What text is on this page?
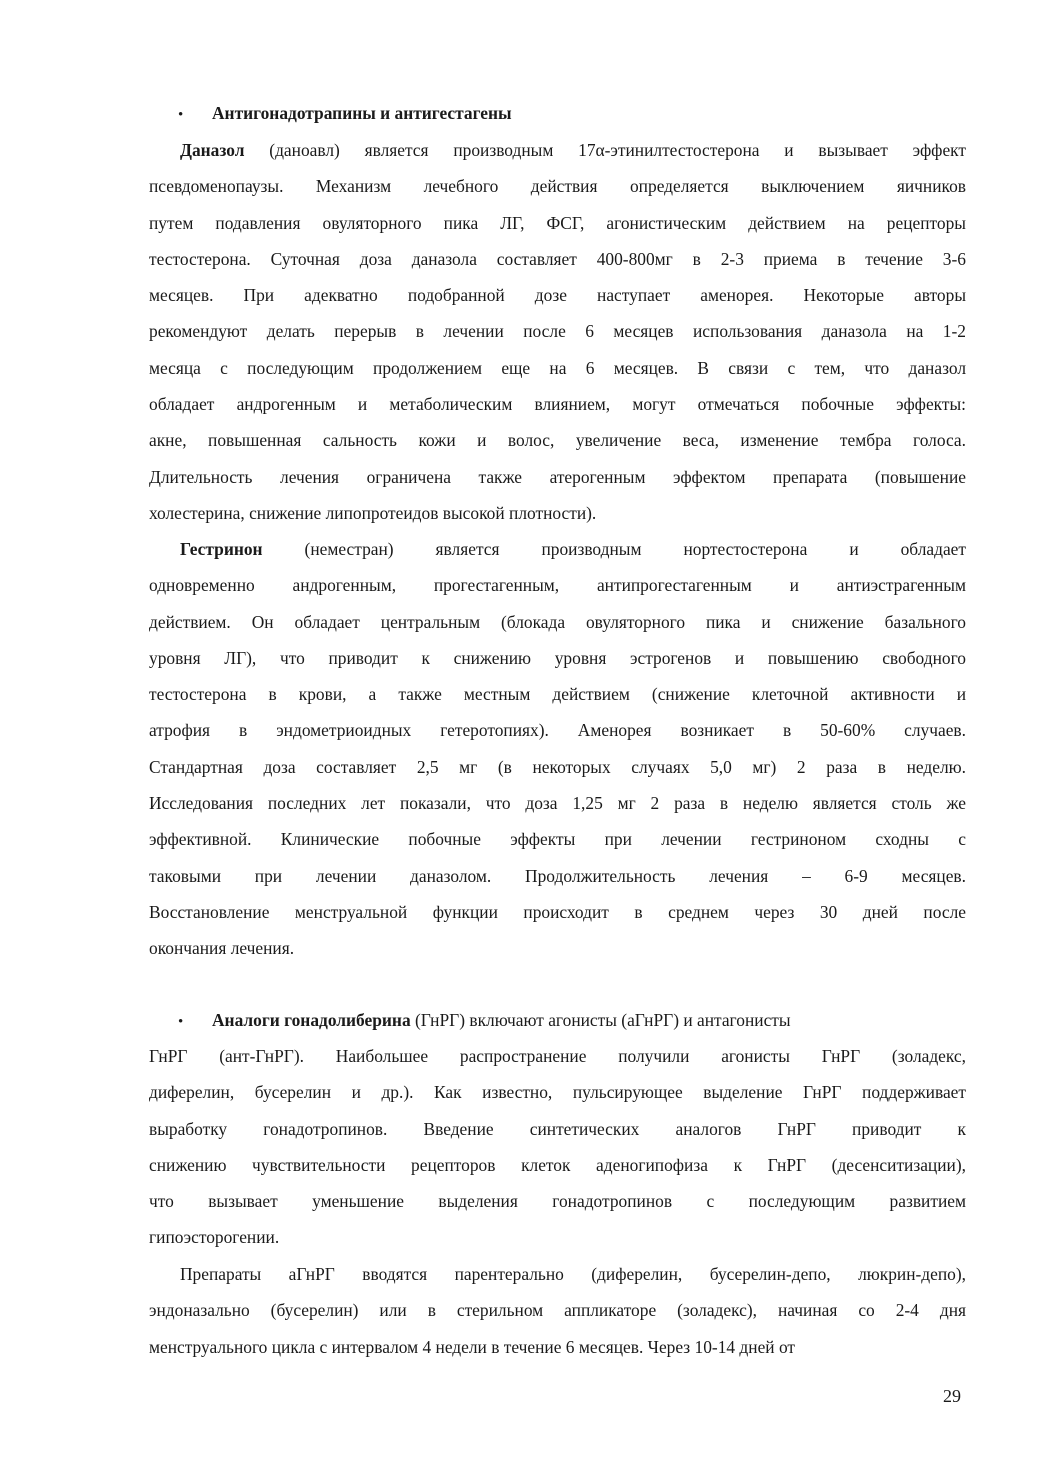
• Антигонадотрапины и антигестагены
Даназол (даноавл) является производным 17α-этинилтестостерона и вызывает эффект
псевдоменопаузы. Механизм лечебного действия определяется выключением яичников
путем подавления овуляторного пика ЛГ, ФСГ, агонистическим действием на рецепторы
тестостерона. Суточная доза даназола составляет 400-800мг в 2-3 приема в течение 3-6
месяцев. При адекватно подобранной дозе наступает аменорея. Некоторые авторы
рекомендуют делать перерыв в лечении после 6 месяцев использования даназола на 1-2
месяца с последующим продолжением еще на 6 месяцев. В связи с тем, что даназол
обладает андрогенным и метаболическим влиянием, могут отмечаться побочные эффекты:
акне, повышенная сальность кожи и волос, увеличение веса, изменение тембра голоса.
Длительность лечения ограничена также атерогенным эффектом препарата (повышение
холестерина, снижение липопротеидов высокой плотности).
Гестринон (неместран) является производным нортестостерона и обладает
одновременно андрогенным, прогестагенным, антипрогестагенным и антиэстрагенным
действием. Он обладает центральным (блокада овуляторного пика и снижение базального
уровня ЛГ), что приводит к снижению уровня эстрогенов и повышению свободного
тестостерона в крови, а также местным действием (снижение клеточной активности и
атрофия в эндометриоидных гетеротопиях). Аменорея возникает в 50-60% случаев.
Стандартная доза составляет 2,5 мг (в некоторых случаях 5,0 мг) 2 раза в неделю.
Исследования последних лет показали, что доза 1,25 мг 2 раза в неделю является столь же
эффективной. Клинические побочные эффекты при лечении гестриноном сходны с
таковыми при лечении даназолом. Продолжительность лечения – 6-9 месяцев.
Восстановление менструальной функции происходит в среднем через 30 дней после
окончания лечения.
• Аналоги гонадолиберина (ГнРГ) включают агонисты (аГнРГ) и антагонисты
ГнРГ (ант-ГнРГ). Наибольшее распространение получили агонисты ГнРГ (золадекс,
диферелин, бусерелин и др.). Как известно, пульсирующее выделение ГнРГ поддерживает
выработку гонадотропинов. Введение синтетических аналогов ГнРГ приводит к
снижению чувствительности рецепторов клеток аденогипофиза к ГнРГ (десенситизации),
что вызывает уменьшение выделения гонадотропинов с последующим развитием
гипоэсторогении.
Препараты аГнРГ вводятся парентерально (диферелин, бусерелин-депо, люкрин-депо),
эндоназально (бусерелин) или в стерильном аппликаторе (золадекс), начиная со 2-4 дня
менструального цикла с интервалом 4 недели в течение 6 месяцев. Через 10-14 дней от
29
